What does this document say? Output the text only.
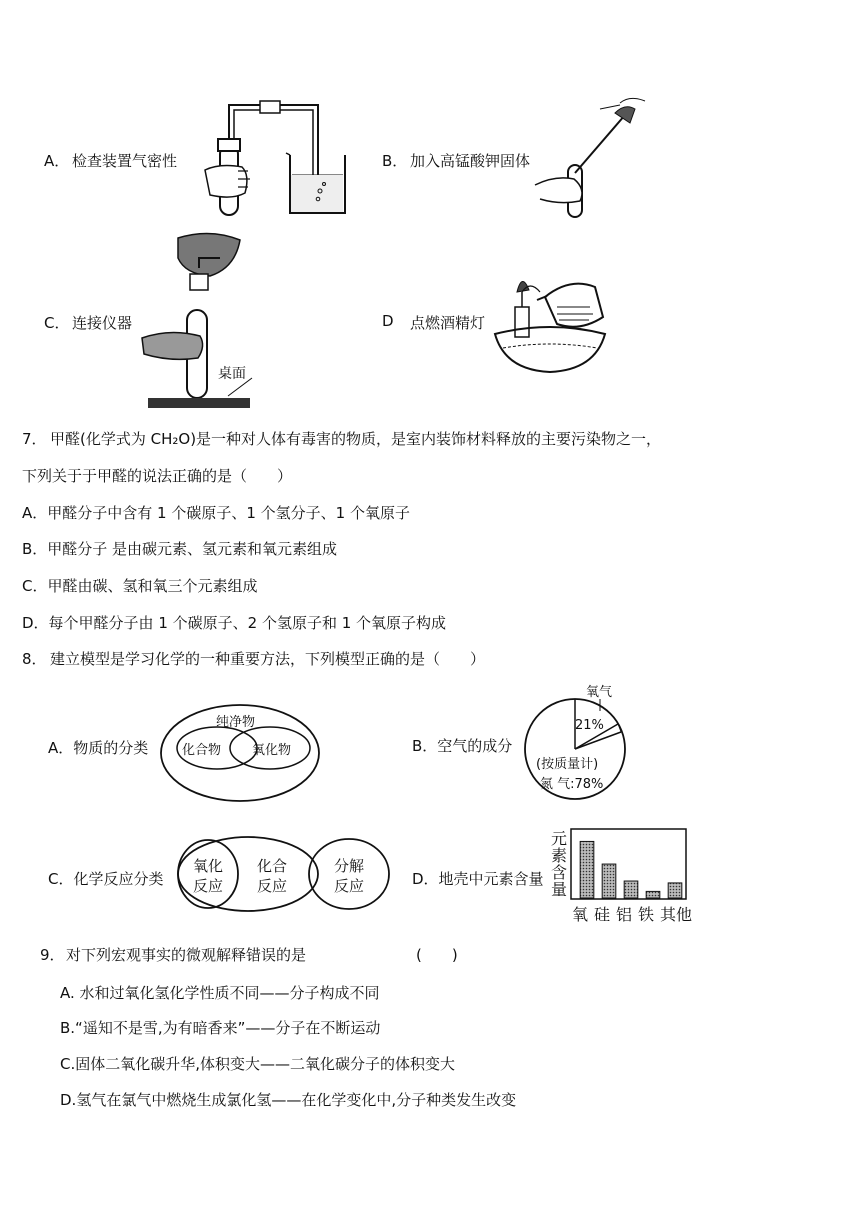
A． 检查装置气密性	B． 加入高锰酸钾固体
C． 连接仪器
桌面
D 点燃酒精灯
7． 甲醛(化学式为 CH₂O)是一种对人体有毒害的物质，是室内装饰材料释放的主要污染物之一，
下列关于于甲醛的说法正确的是（　　）
A．甲醛分子中含有 1 个碳原子、1 个氢分子、1 个氧原子
B．甲醛分子 是由碳元素、氢元素和氧元素组成
C．甲醛由碳、氢和氧三个元素组成
D．每个甲醛分子由 1 个碳原子、2 个氢原子和 1 个氧原子构成
8． 建立模型是学习化学的一种重要方法，下列模型正确的是（　　）
A．物质的分类
纯净物
化合物 氧化物	B．空气的成分
氧气
21%
(按质量计)
氮 气:78%
C．化学反应分类
氧化
反应
化合
反应
分解
反应	D．地壳中元素含量
元
素
含
量
氧 硅 铝 铁 其他
9． 对下列宏观事实的微观解释错误的是	(　　)
A. 水和过氧化氢化学性质不同——分子构成不同
B.“遥知不是雪,为有暗香来”——分子在不断运动
C.固体二氧化碳升华,体积变大——二氧化碳分子的体积变大
D.氢气在氯气中燃烧生成氯化氢——在化学变化中,分子种类发生改变
